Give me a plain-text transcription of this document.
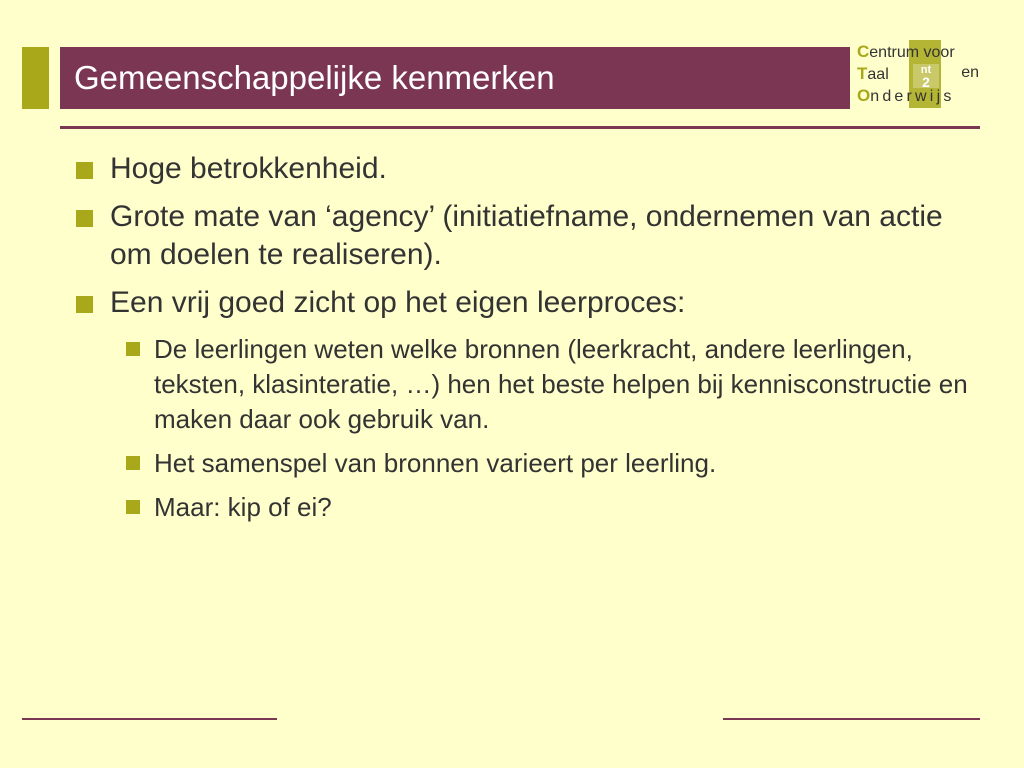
Gemeenschappelijke kenmerken	nt
2
Centrum voor
Taal	en
Onderwijs
Hoge betrokkenheid.
Grote mate van ‘agency’ (initiatiefname, ondernemen van actie om doelen te realiseren).
Een vrij goed zicht op het eigen leerproces:
De leerlingen weten welke bronnen (leerkracht, andere leerlingen, teksten, klasinteratie, …) hen het beste helpen bij kennisconstructie en maken daar ook gebruik van.
Het samenspel van bronnen varieert per leerling.
Maar: kip of ei?
